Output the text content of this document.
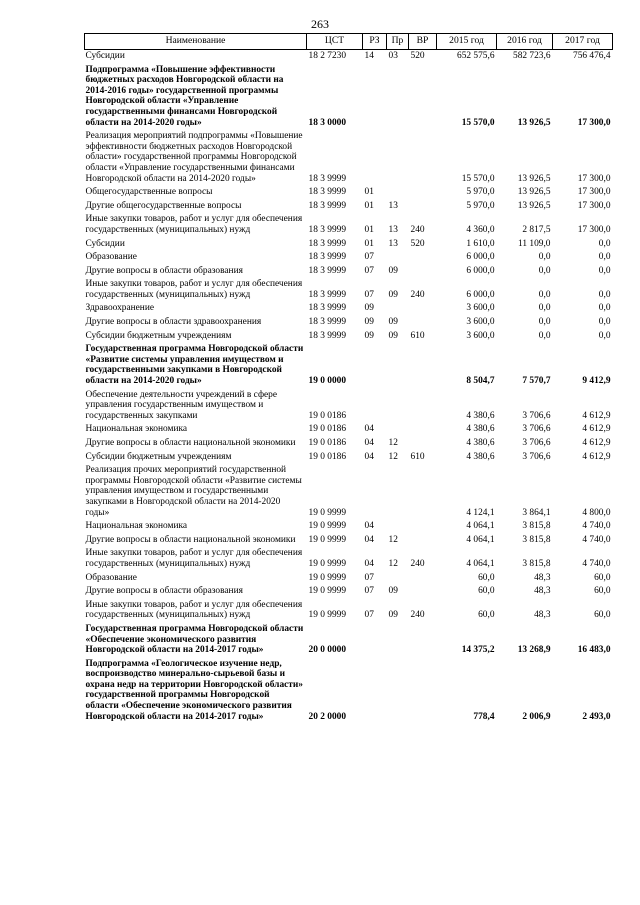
263
Наименование	ЦСТ	РЗ	Пр	ВР	2015 год	2016 год	2017 год
Субсидии	18 2 7230	14	03	520	652 575,6	582 723,6	756 476,4
Подпрограмма «Повышение эффективности бюджетных расходов Новгородской области на 2014-2016 годы» государственной программы Новгородской области «Управление государственными финансами Новгородской области на 2014-2020 годы»	18 3 0000				15 570,0	13 926,5	17 300,0
Реализация мероприятий подпрограммы «Повышение эффективности бюджетных расходов Новгородской области» государственной программы Новгородской области «Управление государственными финансами Новгородской области на 2014-2020 годы»	18 3 9999				15 570,0	13 926,5	17 300,0
Общегосударственные вопросы	18 3 9999	01			5 970,0	13 926,5	17 300,0
Другие общегосударственные вопросы	18 3 9999	01	13		5 970,0	13 926,5	17 300,0
Иные закупки товаров, работ и услуг для обеспечения государственных (муниципальных) нужд	18 3 9999	01	13	240	4 360,0	2 817,5	17 300,0
Субсидии	18 3 9999	01	13	520	1 610,0	11 109,0	0,0
Образование	18 3 9999	07			6 000,0	0,0	0,0
Другие вопросы в области образования	18 3 9999	07	09		6 000,0	0,0	0,0
Иные закупки товаров, работ и услуг для обеспечения государственных (муниципальных) нужд	18 3 9999	07	09	240	6 000,0	0,0	0,0
Здравоохранение	18 3 9999	09			3 600,0	0,0	0,0
Другие вопросы в области здравоохранения	18 3 9999	09	09		3 600,0	0,0	0,0
Субсидии бюджетным учреждениям	18 3 9999	09	09	610	3 600,0	0,0	0,0
Государственная программа Новгородской области «Развитие системы управления имуществом и государственными закупками в Новгородской области на 2014-2020 годы»	19 0 0000				8 504,7	7 570,7	9 412,9
Обеспечение деятельности учреждений в сфере управления государственным имуществом и государственных закупками	19 0 0186				4 380,6	3 706,6	4 612,9
Национальная экономика	19 0 0186	04			4 380,6	3 706,6	4 612,9
Другие вопросы в области национальной экономики	19 0 0186	04	12		4 380,6	3 706,6	4 612,9
Субсидии бюджетным учреждениям	19 0 0186	04	12	610	4 380,6	3 706,6	4 612,9
Реализация прочих мероприятий государственной программы Новгородской области «Развитие системы управления имуществом и государственными закупками в Новгородской области на 2014-2020 годы»	19 0 9999				4 124,1	3 864,1	4 800,0
Национальная экономика	19 0 9999	04			4 064,1	3 815,8	4 740,0
Другие вопросы в области национальной экономики	19 0 9999	04	12		4 064,1	3 815,8	4 740,0
Иные закупки товаров, работ и услуг для обеспечения государственных (муниципальных) нужд	19 0 9999	04	12	240	4 064,1	3 815,8	4 740,0
Образование	19 0 9999	07			60,0	48,3	60,0
Другие вопросы в области образования	19 0 9999	07	09		60,0	48,3	60,0
Иные закупки товаров, работ и услуг для обеспечения государственных (муниципальных) нужд	19 0 9999	07	09	240	60,0	48,3	60,0
Государственная программа Новгородской области «Обеспечение экономического развития Новгородской области на 2014-2017 годы»	20 0 0000				14 375,2	13 268,9	16 483,0
Подпрограмма «Геологическое изучение недр, воспроизводство минерально-сырьевой базы и охрана недр на территории Новгородской области» государственной программы Новгородской области «Обеспечение экономического развития Новгородской области на 2014-2017 годы»	20 2 0000				778,4	2 006,9	2 493,0
